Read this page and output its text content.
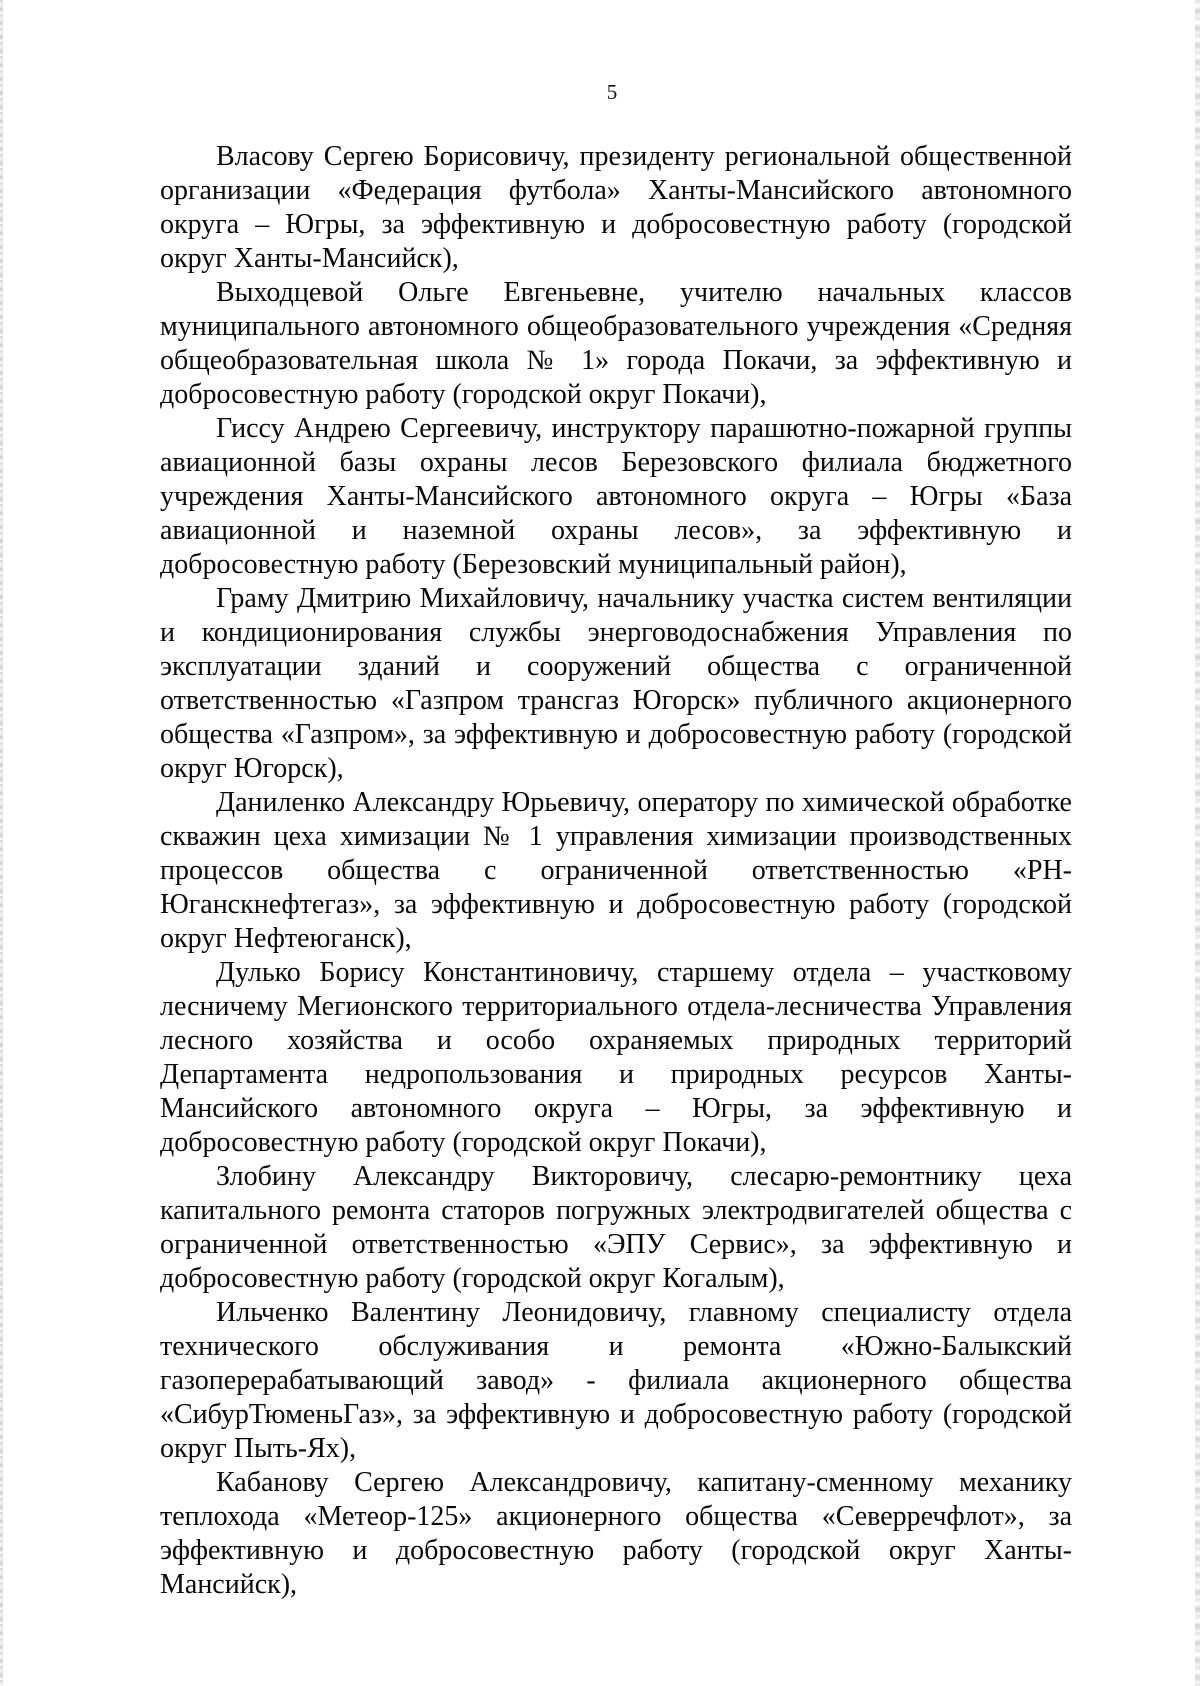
5

Власову Сергею Борисовичу, президенту региональной общественной организации «Федерация футбола» Ханты-Мансийского автономного округа – Югры, за эффективную и добросовестную работу (городской округ Ханты-Мансийск),

Выходцевой Ольге Евгеньевне, учителю начальных классов муниципального автономного общеобразовательного учреждения «Средняя общеобразовательная школа № 1» города Покачи, за эффективную и добросовестную работу (городской округ Покачи),

Гиссу Андрею Сергеевичу, инструктору парашютно-пожарной группы авиационной базы охраны лесов Березовского филиала бюджетного учреждения Ханты-Мансийского автономного округа – Югры «База авиационной и наземной охраны лесов», за эффективную и добросовестную работу (Березовский муниципальный район),

Граму Дмитрию Михайловичу, начальнику участка систем вентиляции и кондиционирования службы энерговодоснабжения Управления по эксплуатации зданий и сооружений общества с ограниченной ответственностью «Газпром трансгаз Югорск» публичного акционерного общества «Газпром», за эффективную и добросовестную работу (городской округ Югорск),

Даниленко Александру Юрьевичу, оператору по химической обработке скважин цеха химизации № 1 управления химизации производственных процессов общества с ограниченной ответственностью «РН-Юганскнефтегаз», за эффективную и добросовестную работу (городской округ Нефтеюганск),

Дулько Борису Константиновичу, старшему отдела – участковому лесничему Мегионского территориального отдела-лесничества Управления лесного хозяйства и особо охраняемых природных территорий Департамента недропользования и природных ресурсов Ханты-Мансийского автономного округа – Югры, за эффективную и добросовестную работу (городской округ Покачи),

Злобину Александру Викторовичу, слесарю-ремонтнику цеха капитального ремонта статоров погружных электродвигателей общества с ограниченной ответственностью «ЭПУ Сервис», за эффективную и добросовестную работу (городской округ Когалым),

Ильченко Валентину Леонидовичу, главному специалисту отдела технического обслуживания и ремонта «Южно-Балыкский газоперерабатывающий завод» - филиала акционерного общества «СибурТюменьГаз», за эффективную и добросовестную работу (городской округ Пыть-Ях),

Кабанову Сергею Александровичу, капитану-сменному механику теплохода «Метеор-125» акционерного общества «Северречфлот», за эффективную и добросовестную работу (городской округ Ханты-Мансийск),
